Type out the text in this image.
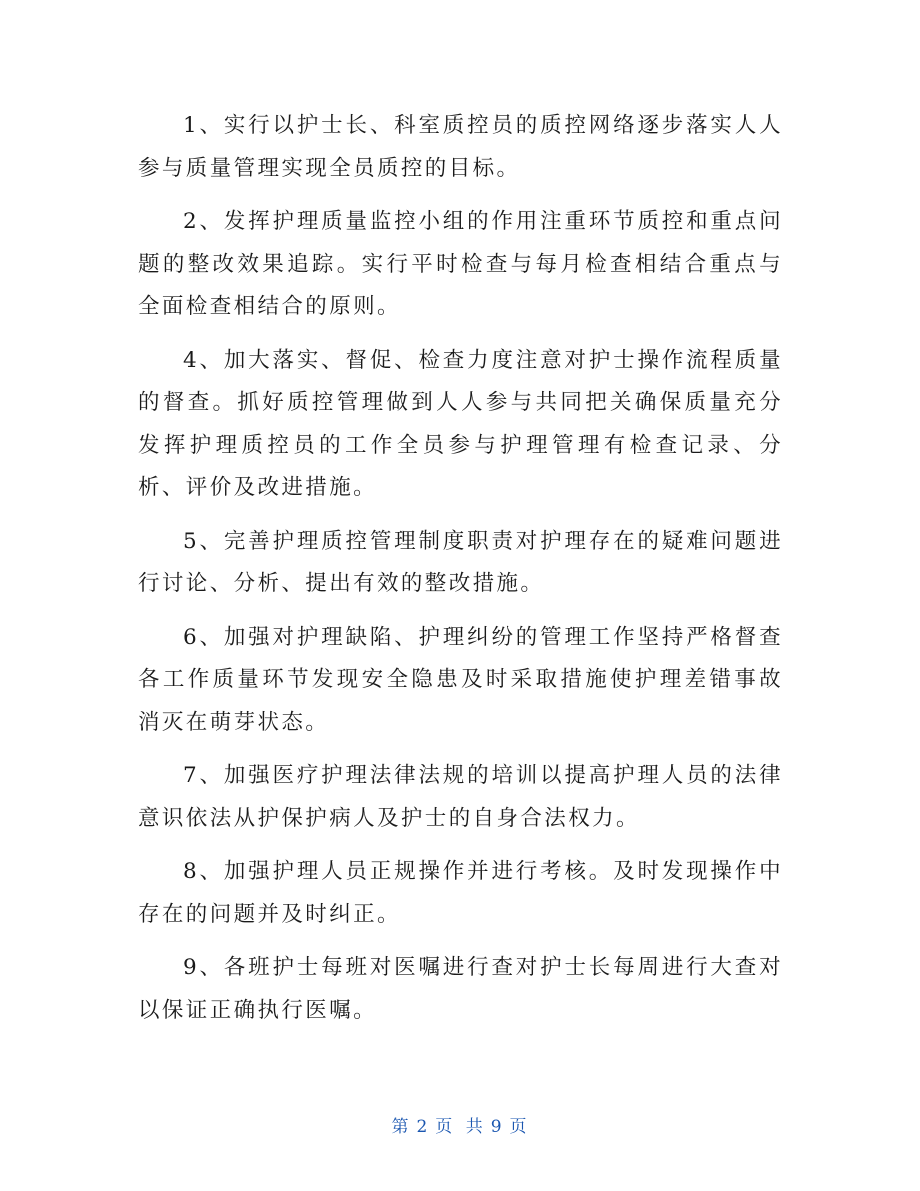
1、实行以护士长、科室质控员的质控网络逐步落实人人参与质量管理实现全员质控的目标。

2、发挥护理质量监控小组的作用注重环节质控和重点问题的整改效果追踪。实行平时检查与每月检查相结合重点与全面检查相结合的原则。

4、加大落实、督促、检查力度注意对护士操作流程质量的督查。抓好质控管理做到人人参与共同把关确保质量充分发挥护理质控员的工作全员参与护理管理有检查记录、分析、评价及改进措施。

5、完善护理质控管理制度职责对护理存在的疑难问题进行讨论、分析、提出有效的整改措施。

6、加强对护理缺陷、护理纠纷的管理工作坚持严格督查各工作质量环节发现安全隐患及时采取措施使护理差错事故消灭在萌芽状态。

7、加强医疗护理法律法规的培训以提高护理人员的法律意识依法从护保护病人及护士的自身合法权力。

8、加强护理人员正规操作并进行考核。及时发现操作中存在的问题并及时纠正。

9、各班护士每班对医嘱进行查对护士长每周进行大查对以保证正确执行医嘱。

第 2 页 共 9 页
